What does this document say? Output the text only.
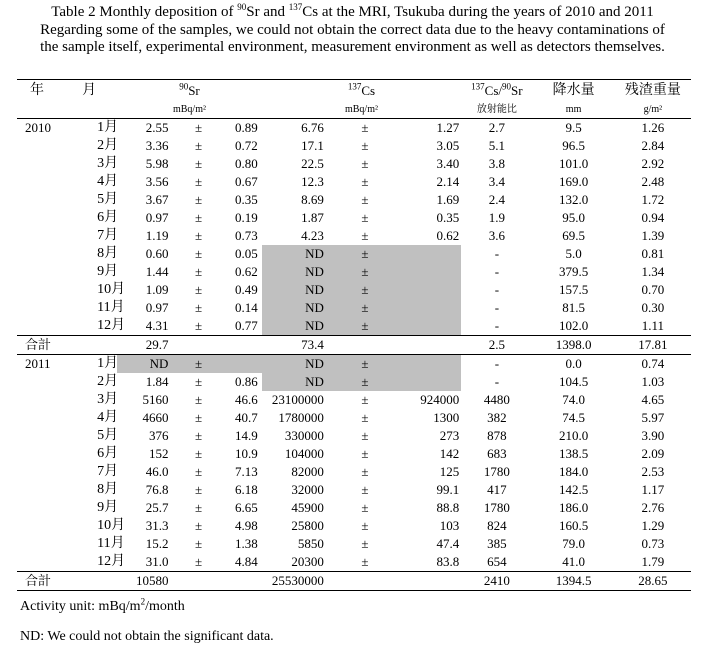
Table 2 Monthly deposition of $^{90}$Sr and $^{137}$Cs at the MRI, Tsukuba during the years of 2010 and 2011
Regarding some of the samples, we could not obtain the correct data due to the heavy contaminations of
the sample itself, experimental environment, measurement environment as well as detectors themselves.
年	月	$^{90}$Sr			$^{137}$Cs			$^{137}$Cs/$^{90}$Sr	降水量	残渣重量
		mBq/m²			mBq/m²			放射能比	mm	g/m²
2010	1月	2.55	±	0.89	6.76	±	1.27	2.7	9.5	1.26
	2月	3.36	±	0.72	17.1	±	3.05	5.1	96.5	2.84
	3月	5.98	±	0.80	22.5	±	3.40	3.8	101.0	2.92
	4月	3.56	±	0.67	12.3	±	2.14	3.4	169.0	2.48
	5月	3.67	±	0.35	8.69	±	1.69	2.4	132.0	1.72
	6月	0.97	±	0.19	1.87	±	0.35	1.9	95.0	0.94
	7月	1.19	±	0.73	4.23	±	0.62	3.6	69.5	1.39
	8月	0.60	±	0.05	ND	±		-	5.0	0.81
	9月	1.44	±	0.62	ND	±		-	379.5	1.34
	10月	1.09	±	0.49	ND	±		-	157.5	0.70
	11月	0.97	±	0.14	ND	±		-	81.5	0.30
	12月	4.31	±	0.77	ND	±		-	102.0	1.11
合計		29.7			73.4			2.5	1398.0	17.81
2011	1月	ND	±		ND	±		-	0.0	0.74
	2月	1.84	±	0.86	ND	±		-	104.5	1.03
	3月	5160	±	46.6	23100000	±	924000	4480	74.0	4.65
	4月	4660	±	40.7	1780000	±	1300	382	74.5	5.97
	5月	376	±	14.9	330000	±	273	878	210.0	3.90
	6月	152	±	10.9	104000	±	142	683	138.5	2.09
	7月	46.0	±	7.13	82000	±	125	1780	184.0	2.53
	8月	76.8	±	6.18	32000	±	99.1	417	142.5	1.17
	9月	25.7	±	6.65	45900	±	88.8	1780	186.0	2.76
	10月	31.3	±	4.98	25800	±	103	824	160.5	1.29
	11月	15.2	±	1.38	5850	±	47.4	385	79.0	0.73
	12月	31.0	±	4.84	20300	±	83.8	654	41.0	1.79
合計		10580			25530000			2410	1394.5	28.65
Activity unit: mBq/$m^2$/month
ND: We could not obtain the significant data.
